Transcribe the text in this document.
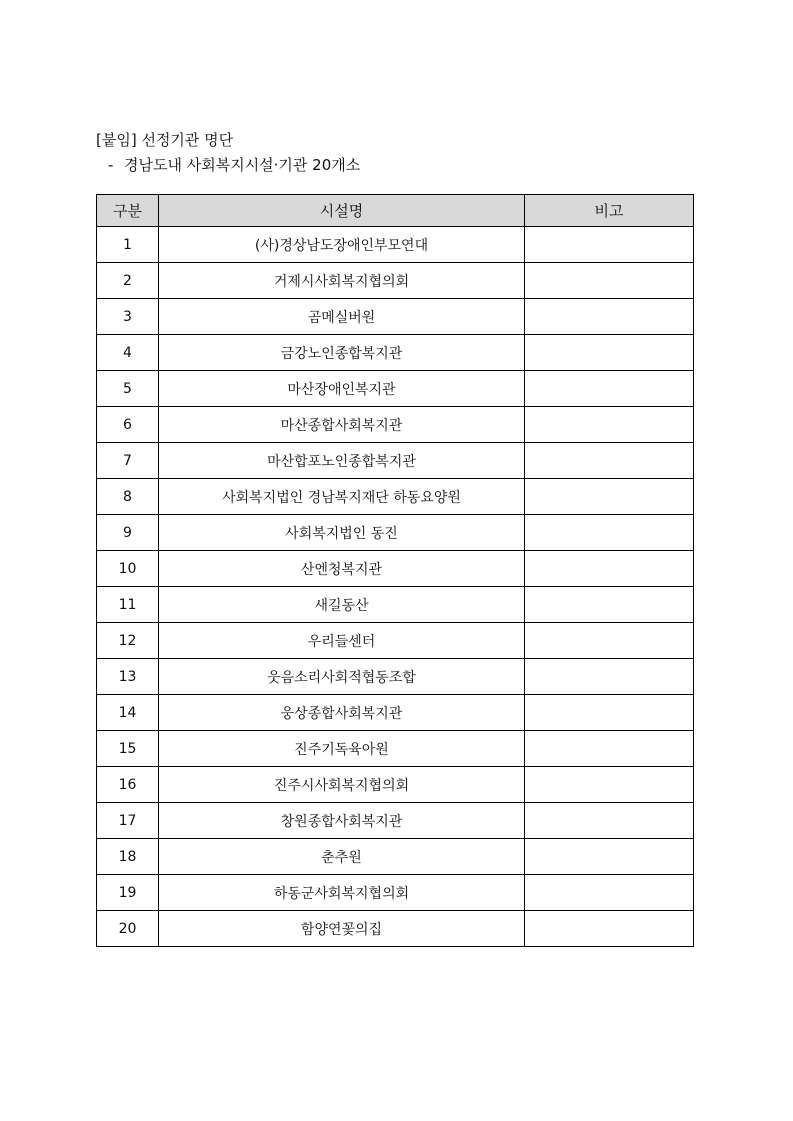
[붙임] 선정기관 명단
- 경남도내 사회복지시설·기관 20개소
구분	시설명	비고
1	(사)경상남도장애인부모연대	
2	거제시사회복지협의회	
3	곰메실버원	
4	금강노인종합복지관	
5	마산장애인복지관	
6	마산종합사회복지관	
7	마산합포노인종합복지관	
8	사회복지법인 경남복지재단 하동요양원	
9	사회복지법인 동진	
10	산엔청복지관	
11	새길동산	
12	우리들센터	
13	웃음소리사회적협동조합	
14	웅상종합사회복지관	
15	진주기독육아원	
16	진주시사회복지협의회	
17	창원종합사회복지관	
18	춘추원	
19	하동군사회복지협의회	
20	함양연꽃의집	
